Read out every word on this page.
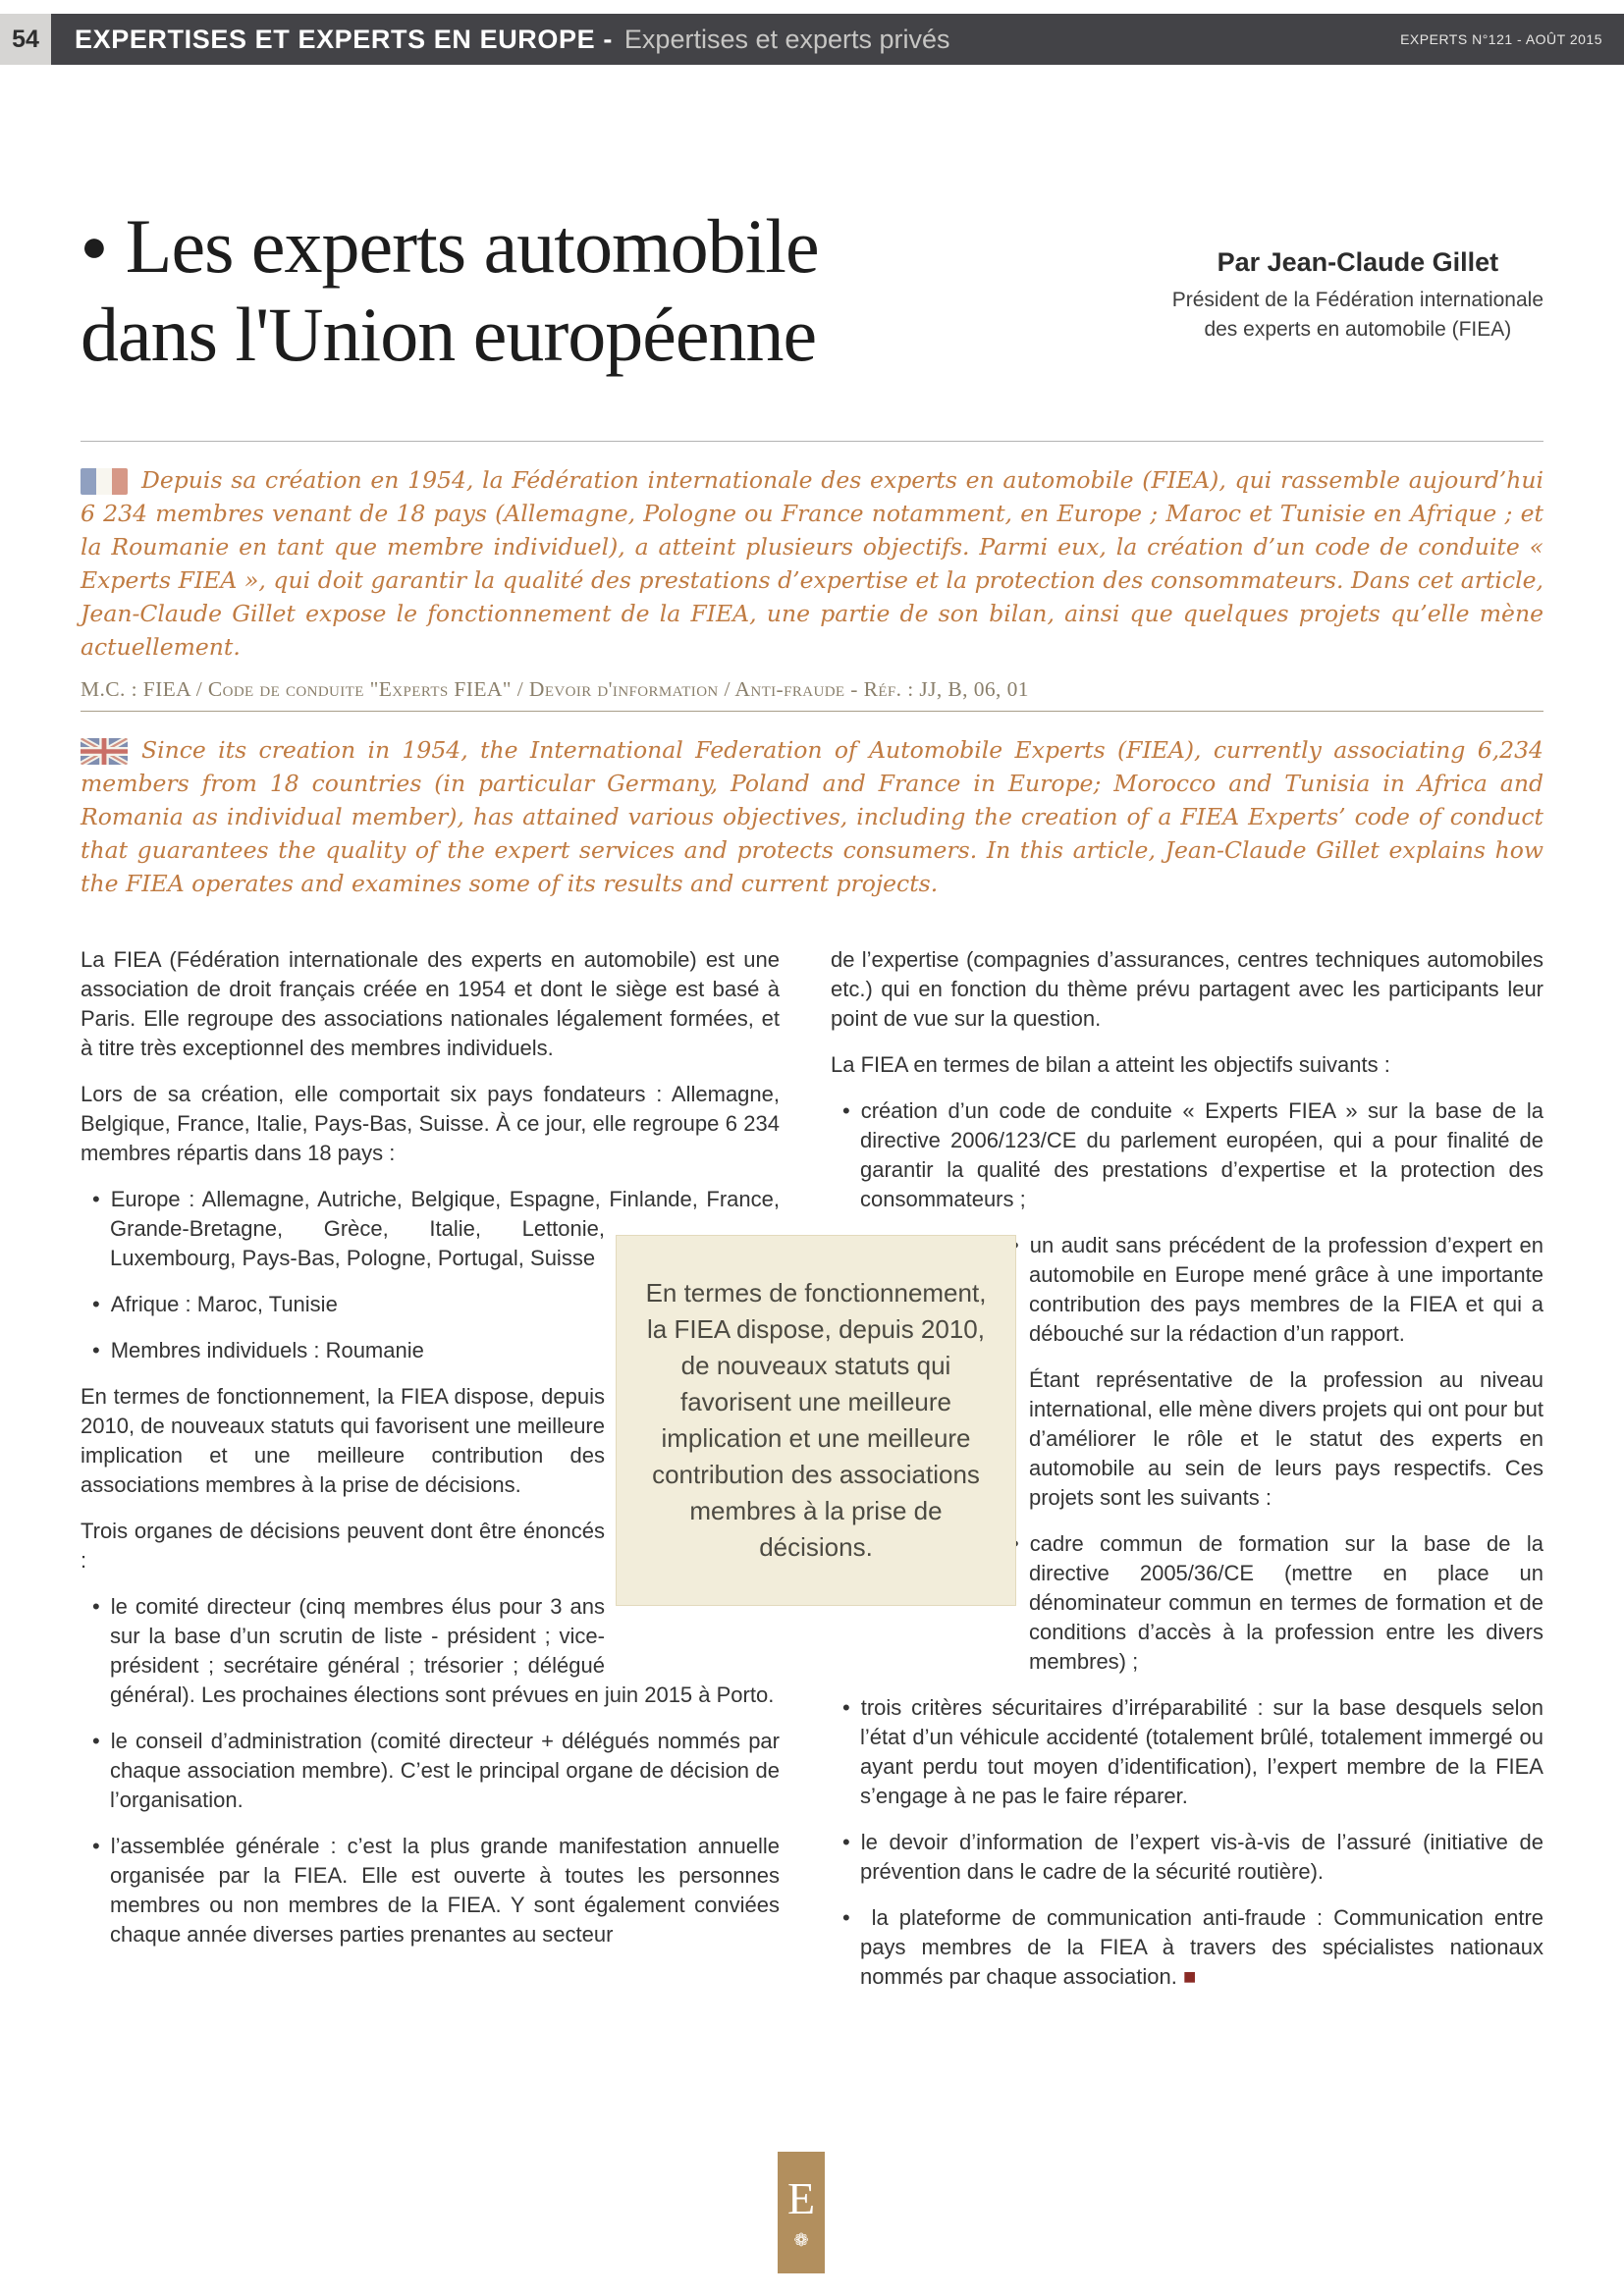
54	EXPERTISES ET EXPERTS EN EUROPE - Expertises et experts privés	EXPERTS N°121 - AOÛT 2015
● Les experts automobile
dans l'Union européenne
Par Jean-Claude Gillet
Président de la Fédération internationale
des experts en automobile (FIEA)
Depuis sa création en 1954, la Fédération internationale des experts en automobile (FIEA), qui rassemble aujourd’hui 6 234 membres venant de 18 pays (Allemagne, Pologne ou France notamment, en Europe ; Maroc et Tunisie en Afrique ; et la Roumanie en tant que membre individuel), a atteint plusieurs objectifs. Parmi eux, la création d’un code de conduite « Experts FIEA », qui doit garantir la qualité des prestations d’expertise et la protection des consommateurs. Dans cet article, Jean-Claude Gillet expose le fonctionnement de la FIEA, une partie de son bilan, ainsi que quelques projets qu’elle mène actuellement.
M.C. : FIEA / Code de conduite "Experts FIEA" / Devoir d'information / Anti-fraude - Réf. : JJ, B, 06, 01
Since its creation in 1954, the International Federation of Automobile Experts (FIEA), currently associating 6,234 members from 18 countries (in particular Germany, Poland and France in Europe; Morocco and Tunisia in Africa and Romania as individual member), has attained various objectives, including the creation of a FIEA Experts’ code of conduct that guarantees the quality of the expert services and protects consumers. In this article, Jean-Claude Gillet explains how the FIEA operates and examines some of its results and current projects.
La FIEA (Fédération internationale des experts en automobile) est une association de droit français créée en 1954 et dont le siège est basé à Paris. Elle regroupe des associations nationales légalement formées, et à titre très exceptionnel des membres individuels.
Lors de sa création, elle comportait six pays fondateurs : Allemagne, Belgique, France, Italie, Pays-Bas, Suisse. À ce jour, elle regroupe 6 234 membres répartis dans 18 pays :
• Europe : Allemagne, Autriche, Belgique, Espagne, Finlande, France, Grande-Bretagne, Grèce, Italie, Lettonie, Luxembourg, Pays-Bas, Pologne, Portugal, Suisse
• Afrique : Maroc, Tunisie
• Membres individuels : Roumanie
En termes de fonctionnement, la FIEA dispose, depuis 2010, de nouveaux statuts qui favorisent une meilleure implication et une meilleure contribution des associations membres à la prise de décisions.
Trois organes de décisions peuvent dont être énoncés :
• le comité directeur (cinq membres élus pour 3 ans sur la base d’un scrutin de liste - président ; vice-président ; secrétaire général ; trésorier ; délégué général). Les prochaines élections sont prévues en juin 2015 à Porto.
• le conseil d’administration (comité directeur + délégués nommés par chaque association membre). C’est le principal organe de décision de l’organisation.
• l’assemblée générale : c’est la plus grande manifestation annuelle organisée par la FIEA. Elle est ouverte à toutes les personnes membres ou non membres de la FIEA. Y sont également conviées chaque année diverses parties prenantes au secteur
de l’expertise (compagnies d’assurances, centres techniques automobiles etc.) qui en fonction du thème prévu partagent avec les participants leur point de vue sur la question.
La FIEA en termes de bilan a atteint les objectifs suivants :
• création d’un code de conduite « Experts FIEA » sur la base de la directive 2006/123/CE du parlement européen, qui a pour finalité de garantir la qualité des prestations d’expertise et la protection des consommateurs ;
• un audit sans précédent de la profession d’expert en automobile en Europe mené grâce à une importante contribution des pays membres de la FIEA et qui a débouché sur la rédaction d’un rapport.
Étant représentative de la profession au niveau international, elle mène divers projets qui ont pour but d’améliorer le rôle et le statut des experts en automobile au sein de leurs pays respectifs. Ces projets sont les suivants :
• cadre commun de formation sur la base de la directive 2005/36/CE (mettre en place un dénominateur commun en termes de formation et de conditions d’accès à la profession entre les divers membres) ;
• trois critères sécuritaires d’irréparabilité : sur la base desquels selon l’état d’un véhicule accidenté (totalement brûlé, totalement immergé ou ayant perdu tout moyen d’identification), l’expert membre de la FIEA s’engage à ne pas le faire réparer.
• le devoir d’information de l’expert vis-à-vis de l’assuré (initiative de prévention dans le cadre de la sécurité routière).
• la plateforme de communication anti-fraude : Communication entre pays membres de la FIEA à travers des spécialistes nationaux nommés par chaque association. ■
En termes de fonctionnement, la FIEA dispose, depuis 2010, de nouveaux statuts qui favorisent une meilleure implication et une meilleure contribution des associations membres à la prise de décisions.
E
❁
